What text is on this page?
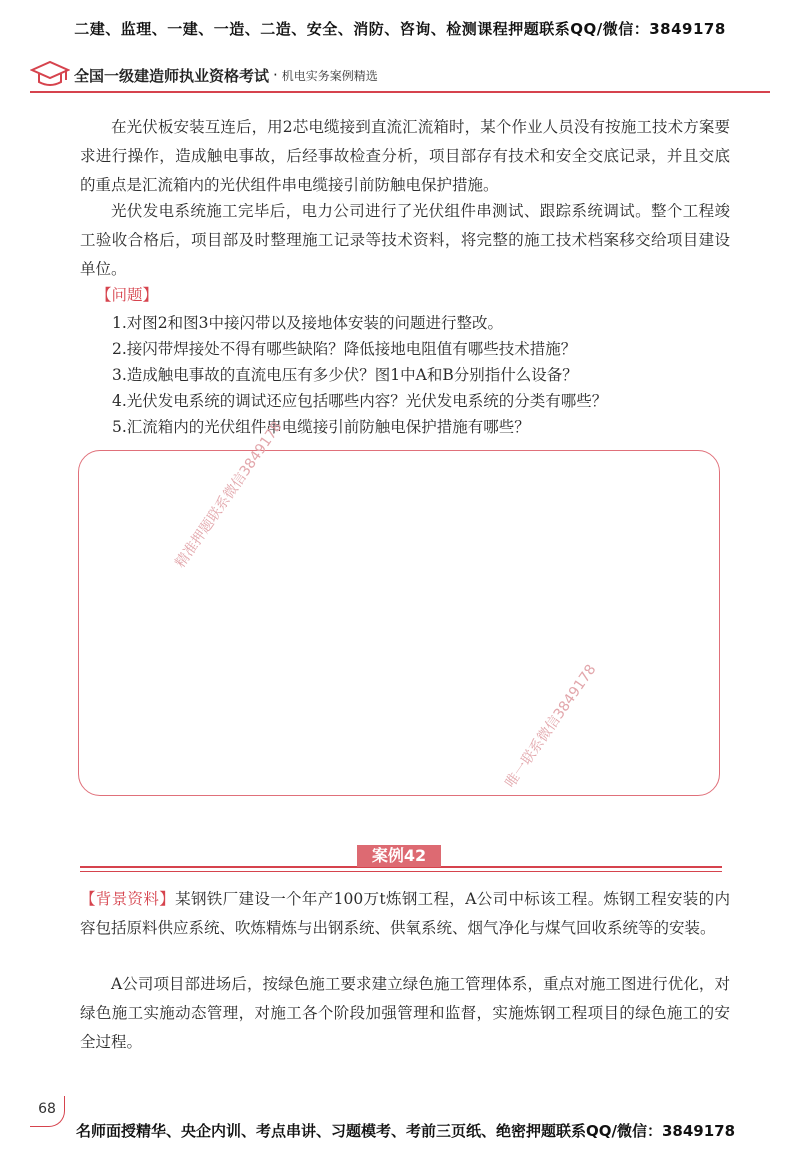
二建、监理、一建、一造、二造、安全、消防、咨询、检测课程押题联系QQ/微信：3849178
全国一级建造师执业资格考试 · 机电实务案例精选

在光伏板安装互连后，用2芯电缆接到直流汇流箱时，某个作业人员没有按施工技术方案要求进行操作，造成触电事故，后经事故检查分析，项目部存有技术和安全交底记录，并且交底的重点是汇流箱内的光伏组件串电缆接引前防触电保护措施。

光伏发电系统施工完毕后，电力公司进行了光伏组件串测试、跟踪系统调试。整个工程竣工验收合格后，项目部及时整理施工记录等技术资料，将完整的施工技术档案移交给项目建设单位。

【问题】
1.对图2和图3中接闪带以及接地体安装的问题进行整改。
2.接闪带焊接处不得有哪些缺陷？降低接地电阻值有哪些技术措施？
3.造成触电事故的直流电压有多少伏？图1中A和B分别指什么设备？
4.光伏发电系统的调试还应包括哪些内容？光伏发电系统的分类有哪些？
5.汇流箱内的光伏组件串电缆接引前防触电保护措施有哪些？
精准押题联系微信3849178
唯一联系微信3849178
案例42

【背景资料】某钢铁厂建设一个年产100万t炼钢工程，A公司中标该工程。炼钢工程安装的内容包括原料供应系统、吹炼精炼与出钢系统、供氧系统、烟气净化与煤气回收系统等的安装。

A公司项目部进场后，按绿色施工要求建立绿色施工管理体系，重点对施工图进行优化，对绿色施工实施动态管理，对施工各个阶段加强管理和监督，实施炼钢工程项目的绿色施工的安全过程。

68
名师面授精华、央企内训、考点串讲、习题模考、考前三页纸、绝密押题联系QQ/微信：3849178
